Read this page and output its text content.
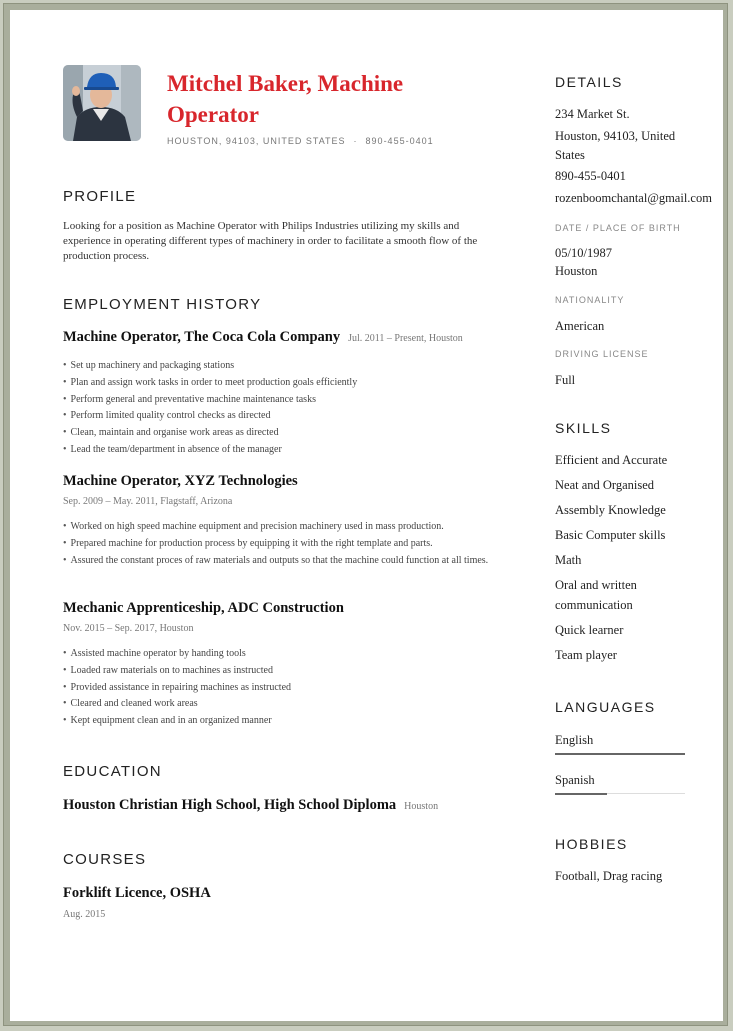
Mitchel Baker, Machine Operator
HOUSTON, 94103, UNITED STATES · 890-455-0401
PROFILE
Looking for a position as Machine Operator with Philips Industries utilizing my skills and experience in operating different types of machinery in order to facilitate a smooth flow of the production process.
EMPLOYMENT HISTORY
Machine Operator, The Coca Cola Company Jul. 2011 – Present, Houston
• Set up machinery and packaging stations
• Plan and assign work tasks in order to meet production goals efficiently
• Perform general and preventative machine maintenance tasks
• Perform limited quality control checks as directed
• Clean, maintain and organise work areas as directed
• Lead the team/department in absence of the manager
Machine Operator, XYZ Technologies
Sep. 2009 – May. 2011, Flagstaff, Arizona
• Worked on high speed machine equipment and precision machinery used in mass production.
• Prepared machine for production process by equipping it with the right template and parts.
• Assured the constant proces of raw materials and outputs so that the machine could function at all times.
Mechanic Apprenticeship, ADC Construction
Nov. 2015 – Sep. 2017, Houston
• Assisted machine operator by handing tools
• Loaded raw materials on to machines as instructed
• Provided assistance in repairing machines as instructed
• Cleared and cleaned work areas
• Kept equipment clean and in an organized manner
EDUCATION
Houston Christian High School, High School Diploma Houston
COURSES
Forklift Licence, OSHA
Aug. 2015
DETAILS
234 Market St.
Houston, 94103, United States
890-455-0401
rozenboomchantal@gmail.com
DATE / PLACE OF BIRTH
05/10/1987
Houston
NATIONALITY
American
DRIVING LICENSE
Full
SKILLS
Efficient and Accurate
Neat and Organised
Assembly Knowledge
Basic Computer skills
Math
Oral and written communication
Quick learner
Team player
LANGUAGES
English
Spanish
HOBBIES
Football, Drag racing
